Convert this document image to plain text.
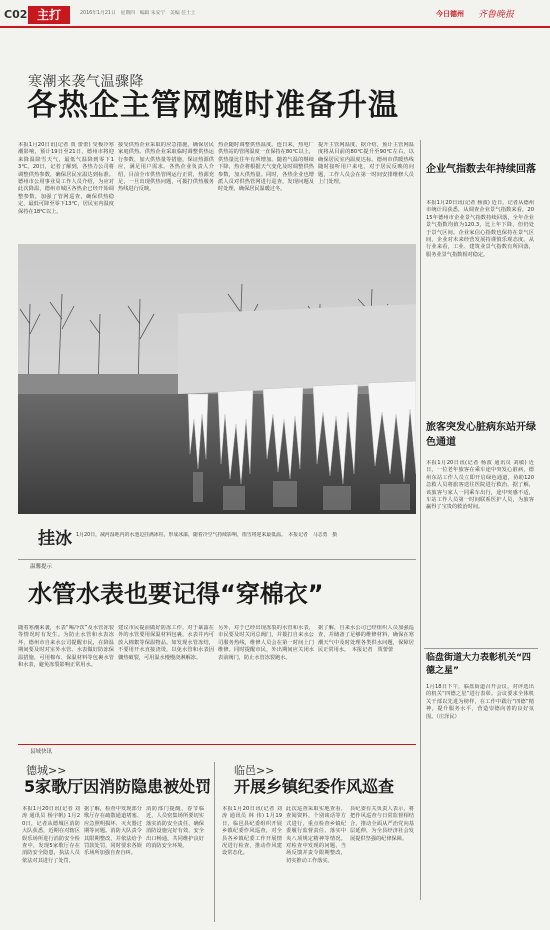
C02 主打	2016年1月21日　星期四　编辑 朱安宁　美编 任士上	今日德州 齐鲁晚报
寒潮来袭气温骤降
各热企主管网随时准备升温
本报1月20日讯(记者 贾 蕾蕾) 受极冷寒潮影响，预计19日至21日，德州市将迎来降温降雪天气，最低气温降到零下13℃。20日，记者了解到，各热力公司将调整供热参数，确保居民室温达到标准。德州市公用事业局工作人员介绍，为应对此次降温，德州市城区各热企已经开始调整参数，加强了管网巡查，确保供热稳定，最低可降至零下13℃，居民室内温度保持在18℃以上。
接受供热企业采取的应急措施，确保居民家庭供热。供热企业采取临时调整供热运行参数，加大供热量等措施，保证热源供应，满足用户需求。各热企业负责人介绍，目前全市供热管网运行正常，热源充足，一旦出现供热问题，可拨打供热服务热线进行反映。
热企随时调整供热温度。连日来，热电厂供热站的管网温度一直保持在80℃以上，供热量比往年有所增加。随着气温的继续下降，热企将根据天气变化及时调整供热参数，加大供热量。同时，各热企业也增派人员对供热管网进行巡查，发现问题及时处理，确保居民温暖过冬。
提升主管网温度。据介绍，预计主管网温度将从目前的80℃提升至90℃左右，以确保居民室内温度达标。德州市供暖热线随时接听用户来电，对于居民反映的问题，工作人员会在第一时间安排维修人员上门处理。
挂冰 1月20日，减河湿地内的水池边挂满冰柱，形成冰瀑，随着冷空气持续影响，雨雪将迎来最低温。　本报记者　马志勇　摄
企业气指数去年持续回落
本报1月20日讯(记者 杨波) 近日，记者从德州市统计局获悉，从调查企业景气指数来看，2015年德州市企业景气指数持续回落，全年企业景气指数均值为120.3，比上年下降，但仍处于景气区间。企业家信心指数也保持在景气区间，企业对未来经营发展持谨慎乐观态度。从行业来看，工业、建筑业景气指数有所回落，服务业景气指数相对稳定。
旅客突发心脏病东站开绿色通道
本报1月20日讯(记者 杨波 通讯员 刘敏) 近日，一位老年旅客在乘车途中突发心脏病，德州东站工作人员立即开启绿色通道，协助120急救人员将旅客送往医院进行救治。据了解，该旅客与家人一同乘车出行，途中突感不适，车站工作人员第一时间联系医护人员，为旅客赢得了宝贵的救治时间。
临盘街道大力表彰机关“四德之星”
1月18日下午，临盘街道召开会议，对评选出的机关“四德之星”进行表彰。会议要求全体机关干部以先进为榜样，在工作中践行“四德”精神，提升服务水平，营造崇德向善的良好氛围。（庄泽民）
温馨提示
水管水表也要记得“穿棉衣”
随着寒潮来袭，水表“喝冷饮”及水管冻裂等情况时有发生。为防止水管和水表冻坏，德州市自来水公司提醒市民，在降温期间要及时对室外水管、水表做好防冻保温措施，可用棉布、保温材料等包裹水管和水表，避免冻裂影响正常用水。
建议市民提前做好防冻工作，对于暴露在外的水管要用保温材料包裹，水表井内可放入棉絮等保温物品。如发现水管冻结，不要用开水直接浇烫，以免水管和水表因骤热破裂，可用温水慢慢浇淋解冻。
另外，对于已经出现冻裂的水管和水表，市民要及时关闭总阀门，并拨打自来水公司服务热线，维修人员会在第一时间上门维修。同时提醒市民，外出期间应关闭水表前阀门，防止水管冻裂跑水。
据了解，自来水公司已经组织人员加强巡查，并储备了足够的维修材料，确保在寒潮天气中及时处理各类供水问题，保障居民正常用水。　本报记者　贾蕾蕾
县域快讯
德城>>
5家歌厅因消防隐患被处罚
本报1月20日讯(记者 刘 涛 通讯员 杨宇帆) 1月20日，记者从德城区消防大队获悉，近期在对辖区娱乐场所进行消防安全检查中，发现5家歌厅存在消防安全隐患，执法人员依法对其进行了处罚。
据了解，检查中发现部分歌厅存在疏散通道堵塞、应急照明损坏、灭火器过期等问题。消防大队责令其限期整改，并依法给予罚款处罚，同时要求各娱乐场所加强自查自纠。
消防部门提醒，春节临近，人员密集场所要切实落实消防安全责任，确保消防设施完好有效，安全出口畅通，共同维护良好的消防安全环境。
临邑>>
开展乡镇纪委作风巡查
本报1月20日讯(记者 刘 涛 通讯员 林 伟) 1月19日，临邑县纪委组织开展乡镇纪委作风巡查，对全县各乡镇纪委工作开展情况进行检查，推动作风建设常态化。
此次巡查采取实地查看、查阅资料、个别谈话等方式进行，重点检查乡镇纪委履行监督责任、落实中央八项规定精神等情况。对检查中发现的问题，当场反馈并责令限期整改，切实推动工作落实。
县纪委有关负责人表示，将把作风巡查与日常监督相结合，推动全面从严治党向基层延伸，为全县经济社会发展提供坚强的纪律保障。
